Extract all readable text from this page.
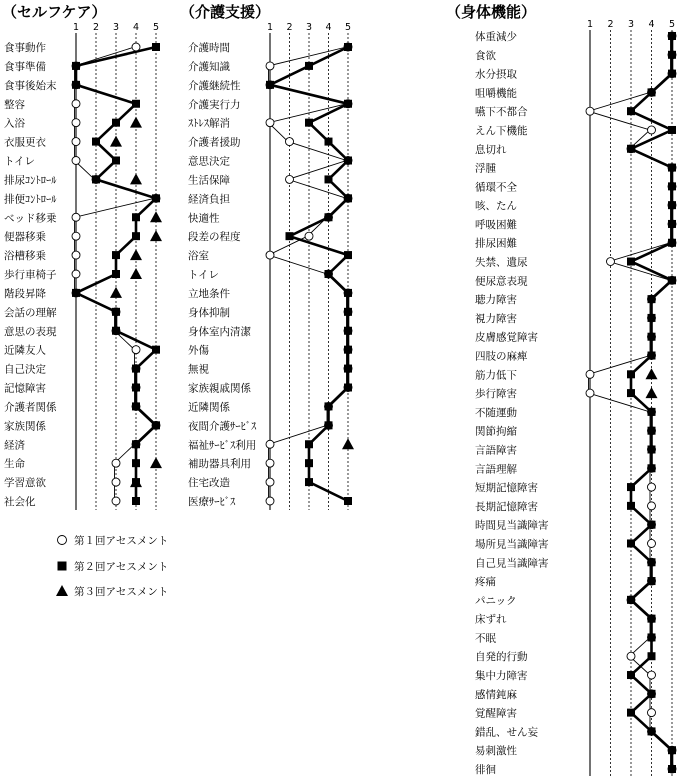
（セルフケア）
1 2 3 4 5
食事動作
食事準備
食事後始末
整容
入浴
衣服更衣
トイレ
排尿ｺﾝﾄﾛｰﾙ
排便ｺﾝﾄﾛｰﾙ
ベッド移乗
便器移乗
浴槽移乗
歩行車椅子
階段昇降
会話の理解
意思の表現
近隣友人
自己決定
記憶障害
介護者関係
家族関係
経済
生命
学習意欲
社会化
（介護支援）
1 2 3 4 5
介護時間
介護知識
介護継続性
介護実行力
ｽﾄﾚｽ解消
介護者援助
意思決定
生活保障
経済負担
快適性
段差の程度
浴室
トイレ
立地条件
身体抑制
身体室内清潔
外傷
無視
家族親戚関係
近隣関係
夜間介護ｻｰﾋﾞｽ
福祉ｻｰﾋﾞｽ利用
補助器具利用
住宅改造
医療ｻｰﾋﾞｽ
（身体機能）
1 2 3 4 5
体重減少
食欲
水分摂取
咀嚼機能
嚥下不都合
えん下機能
息切れ
浮腫
循環不全
咳、たん
呼吸困難
排尿困難
失禁、遺尿
便尿意表現
聴力障害
視力障害
皮膚感覚障害
四肢の麻痺
筋力低下
歩行障害
不随運動
関節拘縮
言語障害
言語理解
短期記憶障害
長期記憶障害
時間見当識障害
場所見当識障害
自己見当識障害
疼痛
パニック
床ずれ
不眠
自発的行動
集中力障害
感情鈍麻
覚醒障害
錯乱、せん妄
易刺激性
徘徊
第１回アセスメント
第２回アセスメント
第３回アセスメント
